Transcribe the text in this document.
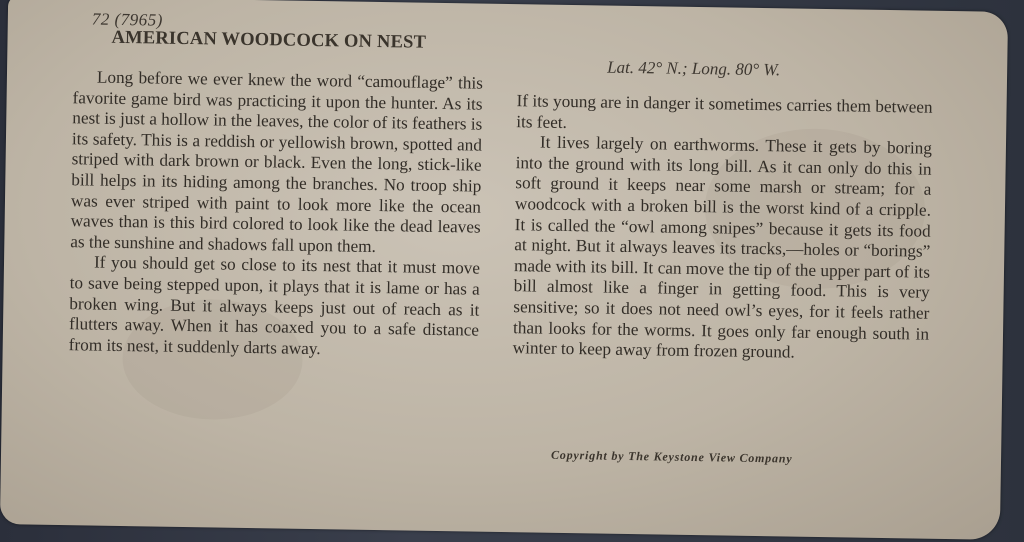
72 (7965)
AMERICAN WOODCOCK ON NEST
Lat. 42° N.; Long. 80° W.

Long before we ever knew the word “camouflage” this favorite game bird was practicing it upon the hunter. As its nest is just a hollow in the leaves, the color of its feathers is its safety. This is a reddish or yellowish brown, spotted and striped with dark brown or black. Even the long, stick-like bill helps in its hiding among the branches. No troop ship was ever striped with paint to look more like the ocean waves than is this bird colored to look like the dead leaves as the sunshine and shadows fall upon them.

If you should get so close to its nest that it must move to save being stepped upon, it plays that it is lame or has a broken wing. But it always keeps just out of reach as it flutters away. When it has coaxed you to a safe distance from its nest, it suddenly darts away.

If its young are in danger it sometimes carries them between its feet.

It lives largely on earthworms. These it gets by boring into the ground with its long bill. As it can only do this in soft ground it keeps near some marsh or stream; for a woodcock with a broken bill is the worst kind of a cripple. It is called the “owl among snipes” because it gets its food at night. But it always leaves its tracks,—holes or “borings” made with its bill. It can move the tip of the upper part of its bill almost like a finger in getting food. This is very sensitive; so it does not need owl’s eyes, for it feels rather than looks for the worms. It goes only far enough south in winter to keep away from frozen ground.

Copyright by The Keystone View Company
